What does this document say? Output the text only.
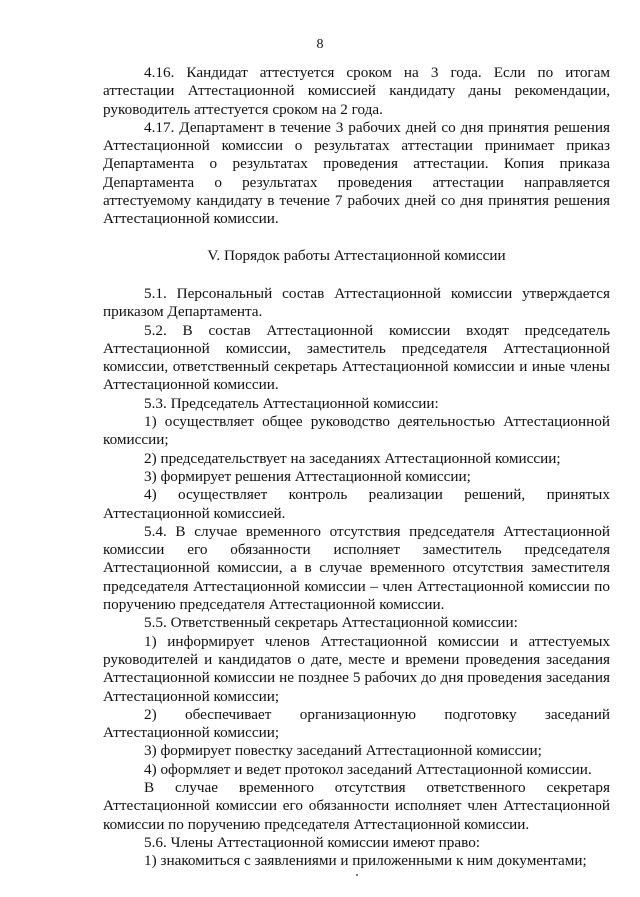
8

4.16. Кандидат аттестуется сроком на 3 года. Если по итогам аттестации Аттестационной комиссией кандидату даны рекомендации, руководитель аттестуется сроком на 2 года.

4.17. Департамент в течение 3 рабочих дней со дня принятия решения Аттестационной комиссии о результатах аттестации принимает приказ Департамента о результатах проведения аттестации. Копия приказа Департамента о результатах проведения аттестации направляется аттестуемому кандидату в течение 7 рабочих дней со дня принятия решения Аттестационной комиссии.

V. Порядок работы Аттестационной комиссии

5.1. Персональный состав Аттестационной комиссии утверждается приказом Департамента.

5.2. В состав Аттестационной комиссии входят председатель Аттестационной комиссии, заместитель председателя Аттестационной комиссии, ответственный секретарь Аттестационной комиссии и иные члены Аттестационной комиссии.

5.3. Председатель Аттестационной комиссии:

1) осуществляет общее руководство деятельностью Аттестационной комиссии;

2) председательствует на заседаниях Аттестационной комиссии;

3) формирует решения Аттестационной комиссии;

4) осуществляет контроль реализации решений, принятых Аттестационной комиссией.

5.4. В случае временного отсутствия председателя Аттестационной комиссии его обязанности исполняет заместитель председателя Аттестационной комиссии, а в случае временного отсутствия заместителя председателя Аттестационной комиссии – член Аттестационной комиссии по поручению председателя Аттестационной комиссии.

5.5. Ответственный секретарь Аттестационной комиссии:

1) информирует членов Аттестационной комиссии и аттестуемых руководителей и кандидатов о дате, месте и времени проведения заседания Аттестационной комиссии не позднее 5 рабочих до дня проведения заседания Аттестационной комиссии;

2) обеспечивает организационную подготовку заседаний Аттестационной комиссии;

3) формирует повестку заседаний Аттестационной комиссии;

4) оформляет и ведет протокол заседаний Аттестационной комиссии.

В случае временного отсутствия ответственного секретаря Аттестационной комиссии его обязанности исполняет член Аттестационной комиссии по поручению председателя Аттестационной комиссии.

5.6. Члены Аттестационной комиссии имеют право:

1) знакомиться с заявлениями и приложенными к ним документами;
